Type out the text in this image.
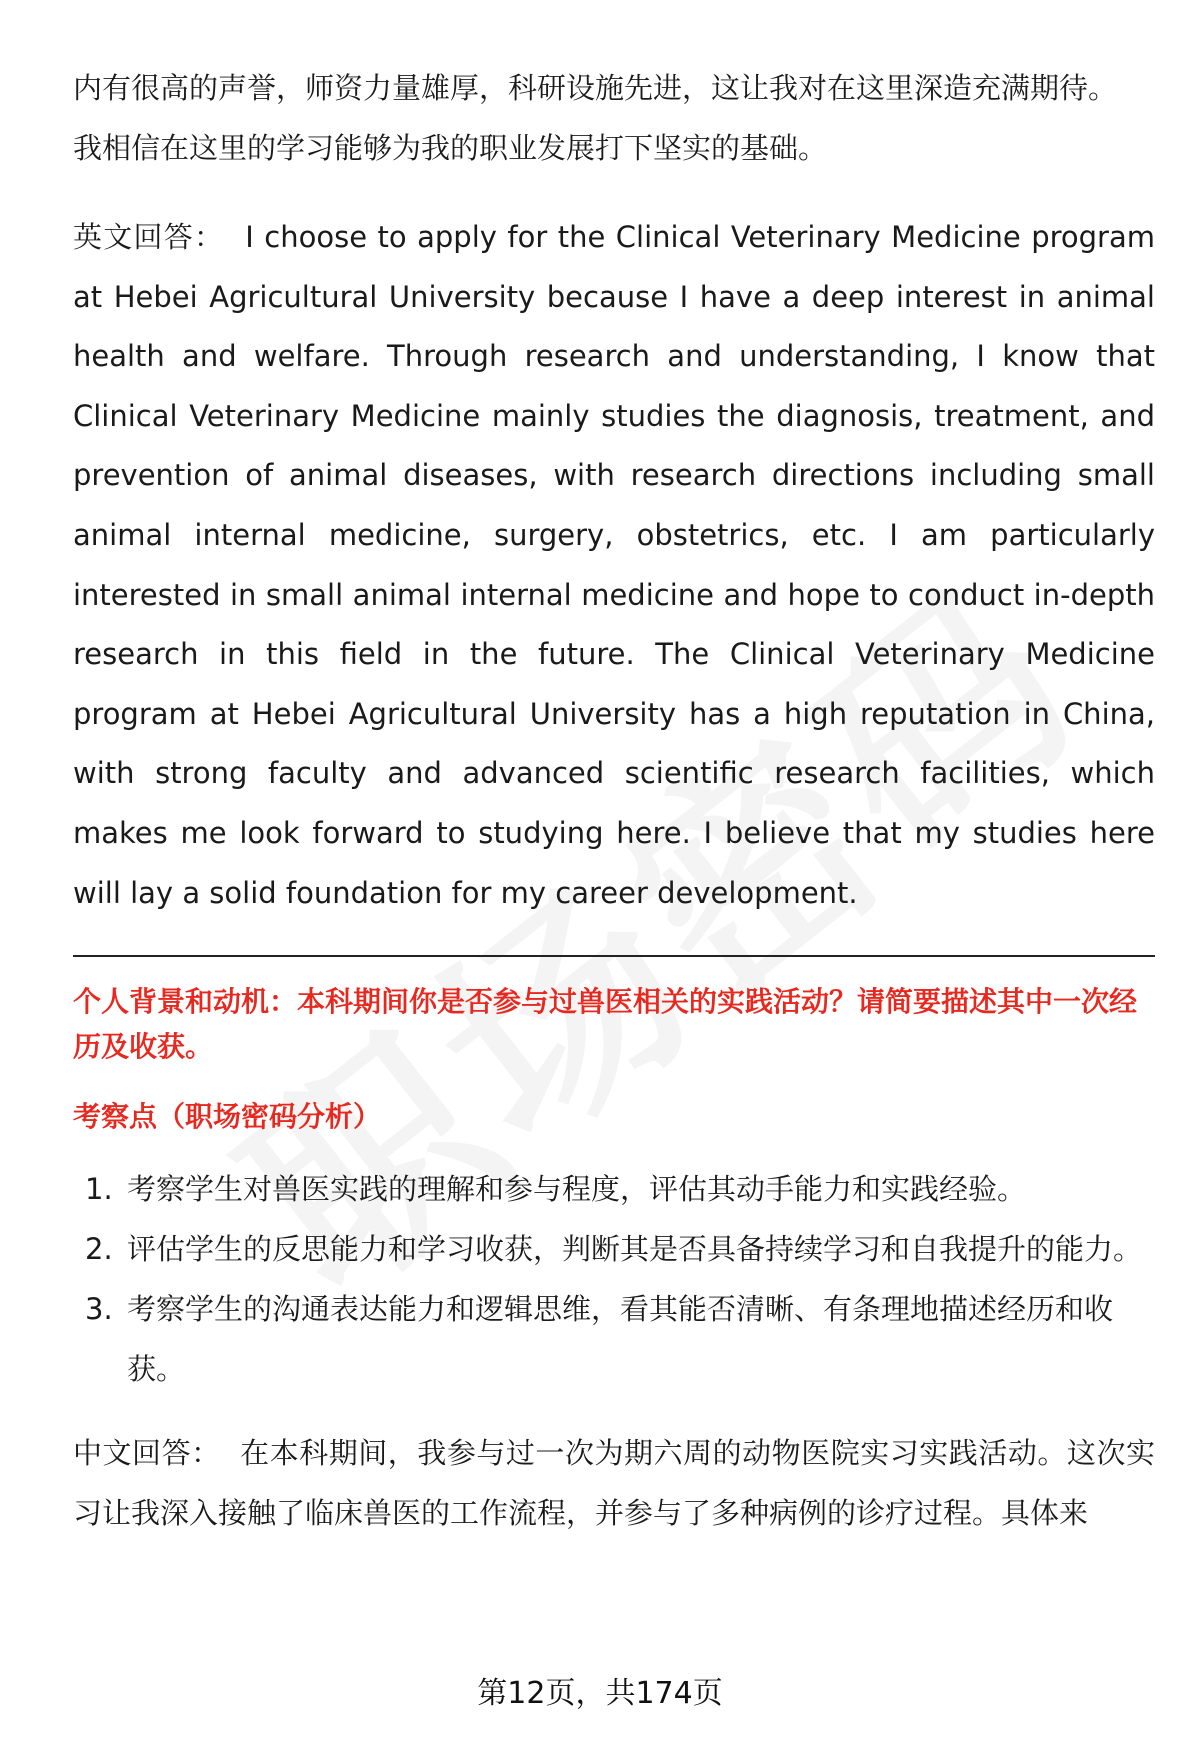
内有很高的声誉，师资力量雄厚，科研设施先进，这让我对在这里深造充满期待。

我相信在这里的学习能够为我的职业发展打下坚实的基础。

英文回答： I choose to apply for the Clinical Veterinary Medicine program at Hebei Agricultural University because I have a deep interest in animal health and welfare. Through research and understanding, I know that Clinical Veterinary Medicine mainly studies the diagnosis, treatment, and prevention of animal diseases, with research directions including small animal internal medicine, surgery, obstetrics, etc. I am particularly interested in small animal internal medicine and hope to conduct in-depth research in this field in the future. The Clinical Veterinary Medicine program at Hebei Agricultural University has a high reputation in China, with strong faculty and advanced scientific research facilities, which makes me look forward to studying here. I believe that my studies here will lay a solid foundation for my career development.

个人背景和动机：本科期间你是否参与过兽医相关的实践活动？请简要描述其中一次经历及收获。

考察点（职场密码分析）

1. 考察学生对兽医实践的理解和参与程度，评估其动手能力和实践经验。
2. 评估学生的反思能力和学习收获，判断其是否具备持续学习和自我提升的能力。
3. 考察学生的沟通表达能力和逻辑思维，看其能否清晰、有条理地描述经历和收获。

中文回答： 在本科期间，我参与过一次为期六周的动物医院实习实践活动。这次实习让我深入接触了临床兽医的工作流程，并参与了多种病例的诊疗过程。具体来

第12页，共174页
